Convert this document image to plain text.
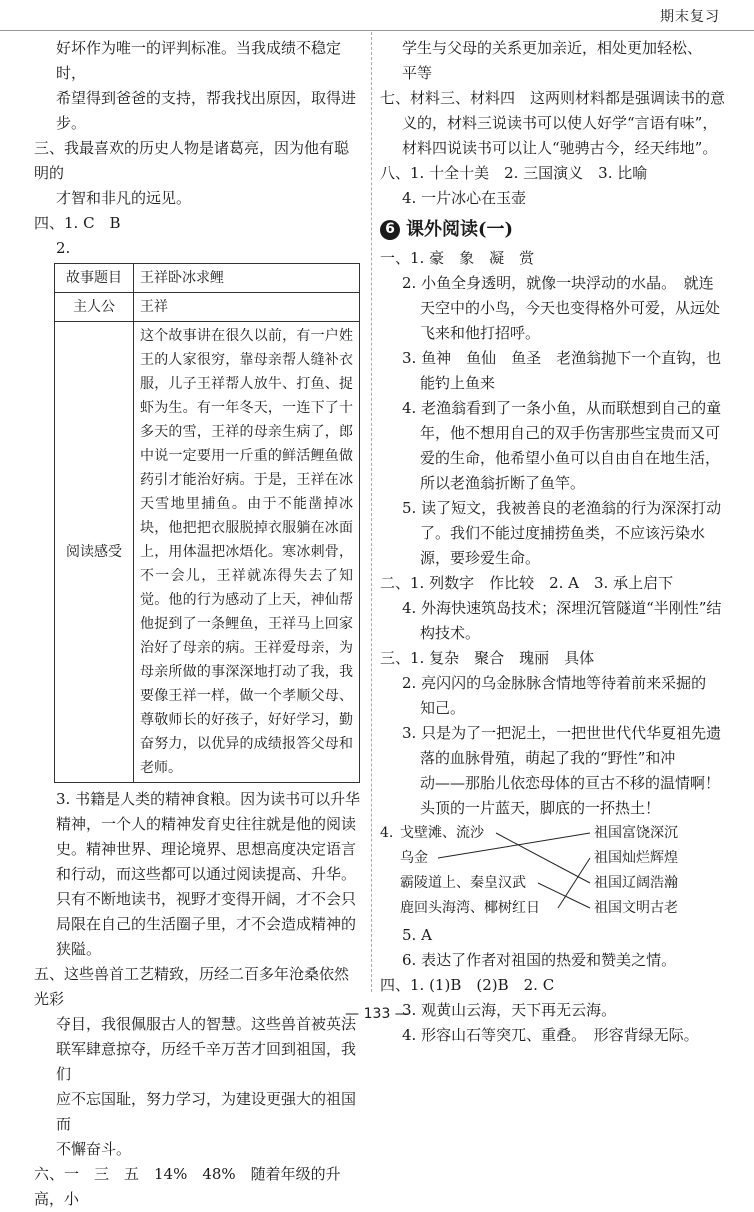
期末复习

好坏作为唯一的评判标准。当我成绩不稳定时，

希望得到爸爸的支持，帮我找出原因，取得进步。

三、我最喜欢的历史人物是诸葛亮，因为他有聪明的

才智和非凡的远见。

四、1. C　B

2.

故事题目	王祥卧冰求鲤
主人公	王祥
阅读感受	这个故事讲在很久以前，有一户姓王的人家很穷，靠母亲帮人缝补衣服，儿子王祥帮人放牛、打鱼、捉虾为生。有一年冬天，一连下了十多天的雪，王祥的母亲生病了，郎中说一定要用一斤重的鲜活鲤鱼做药引才能治好病。于是，王祥在冰天雪地里捕鱼。由于不能凿掉冰块，他把把衣服脱掉衣服躺在冰面上，用体温把冰焐化。寒冰刺骨，不一会儿，王祥就冻得失去了知觉。他的行为感动了上天，神仙帮他捉到了一条鲤鱼，王祥马上回家治好了母亲的病。王祥爱母亲，为母亲所做的事深深地打动了我，我要像王祥一样，做一个孝顺父母、尊敬师长的好孩子，好好学习，勤奋努力，以优异的成绩报答父母和老师。

3. 书籍是人类的精神食粮。因为读书可以升华

精神，一个人的精神发育史往往就是他的阅读

史。精神世界、理论境界、思想高度决定语言

和行动，而这些都可以通过阅读提高、升华。

只有不断地读书，视野才变得开阔，才不会只

局限在自己的生活圈子里，才不会造成精神的

狭隘。

五、这些兽首工艺精致，历经二百多年沧桑依然光彩

夺目，我很佩服古人的智慧。这些兽首被英法

联军肆意掠夺，历经千辛万苦才回到祖国，我们

应不忘国耻，努力学习，为建设更强大的祖国而

不懈奋斗。

六、一　三　五　14%　48%　随着年级的升高，小

学生与父母的关系更加亲近，相处更加轻松、

平等

七、材料三、材料四　这两则材料都是强调读书的意

义的，材料三说读书可以使人好学“言语有味”，

材料四说读书可以让人“驰骋古今，经天纬地”。

八、1. 十全十美　2. 三国演义　3. 比喻

4. 一片冰心在玉壶

6 课外阅读(一)

一、1. 豪　象　凝　赏

2. 小鱼全身透明，就像一块浮动的水晶。　就连

天空中的小鸟，今天也变得格外可爱，从远处

飞来和他打招呼。

3. 鱼神　鱼仙　鱼圣　老渔翁抛下一个直钩，也

能钓上鱼来

4. 老渔翁看到了一条小鱼，从而联想到自己的童

年，他不想用自己的双手伤害那些宝贵而又可

爱的生命，他希望小鱼可以自由自在地生活，

所以老渔翁折断了鱼竿。

5. 读了短文，我被善良的老渔翁的行为深深打动

了。我们不能过度捕捞鱼类，不应该污染水

源，要珍爱生命。

二、1. 列数字　作比较　2. A　3. 承上启下

4. 外海快速筑岛技术；深埋沉管隧道“半刚性”结

构技术。

三、1. 复杂　聚合　瑰丽　具体

2. 亮闪闪的乌金脉脉含情地等待着前来采掘的

知己。

3. 只是为了一把泥土，一把世世代代华夏祖先遗

落的血脉骨殖，萌起了我的“野性”和冲

动——那胎儿依恋母体的亘古不移的温情啊！

头顶的一片蓝天，脚底的一抔热土！

4. 戈壁滩、流沙
乌金
霸陵道上、秦皇汉武
鹿回头海湾、椰树红日
祖国富饶深沉
祖国灿烂辉煌
祖国辽阔浩瀚
祖国文明古老

5. A

6. 表达了作者对祖国的热爱和赞美之情。

四、1. (1)B　(2)B　2. C

3. 观黄山云海，天下再无云海。

4. 形容山石等突兀、重叠。　形容背绿无际。

— 133 —
